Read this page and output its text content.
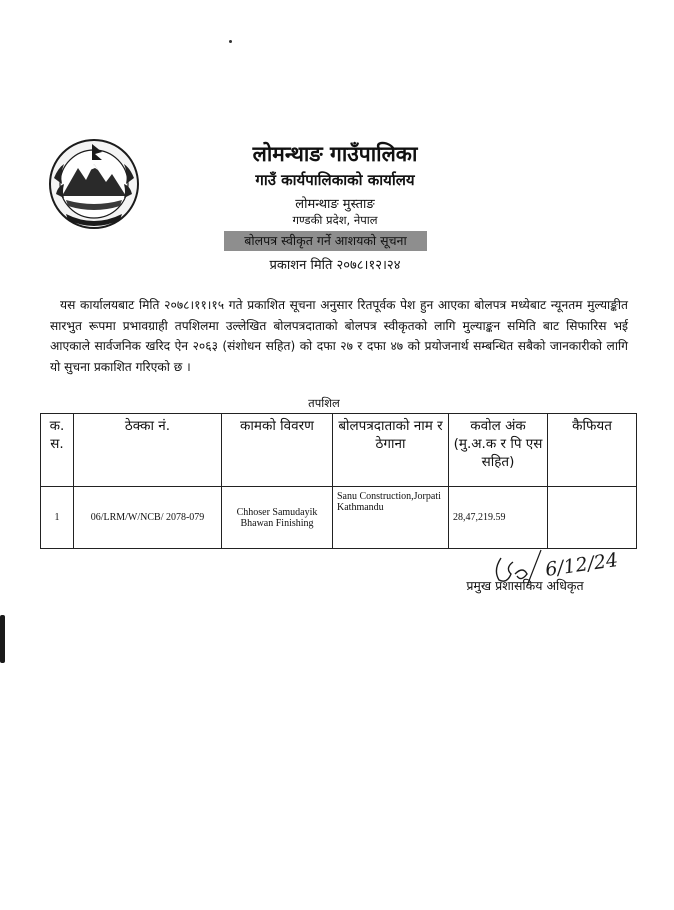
लोमन्थाङ गाउँपालिका
लोमन्थाङ गाउँपालिका
गाउँ कार्यपालिकाको कार्यालय
लोमन्थाङ मुस्ताङ
गण्डकी प्रदेश, नेपाल
बोलपत्र स्वीकृत गर्ने आशयको सूचना
प्रकाशन मिति २०७८।१२।२४
यस कार्यालयबाट मिति २०७८।११।१५ गते प्रकाशित सूचना अनुसार रितपूर्वक पेश हुन आएका बोलपत्र मध्येबाट न्यूनतम मुल्याङ्कीत सारभुत रूपमा प्रभावग्राही तपशिलमा उल्लेखित बोलपत्रदाताको बोलपत्र स्वीकृतको लागि मुल्याङ्कन समिति बाट सिफारिस भई आएकाले सार्वजनिक खरिद ऐन २०६३ (संशोधन सहित) को दफा २७ र दफा ४७ को प्रयोजनार्थ सम्बन्धित सबैको जानकारीको लागि यो सुचना प्रकाशित गरिएको छ ।
तपशिल
क. स.	ठेक्का नं.	कामको विवरण	बोलपत्रदाताको नाम र ठेगाना	कवोल अंक (मु.अ.क र पि एस सहित)	कैफियत
1	06/LRM/W/NCB/ 2078-079	Chhoser Samudayik Bhawan Finishing	Sanu Construction,Jorpati Kathmandu	28,47,219.59	
6/12/24
प्रमुख प्रशासकिय अधिकृत
